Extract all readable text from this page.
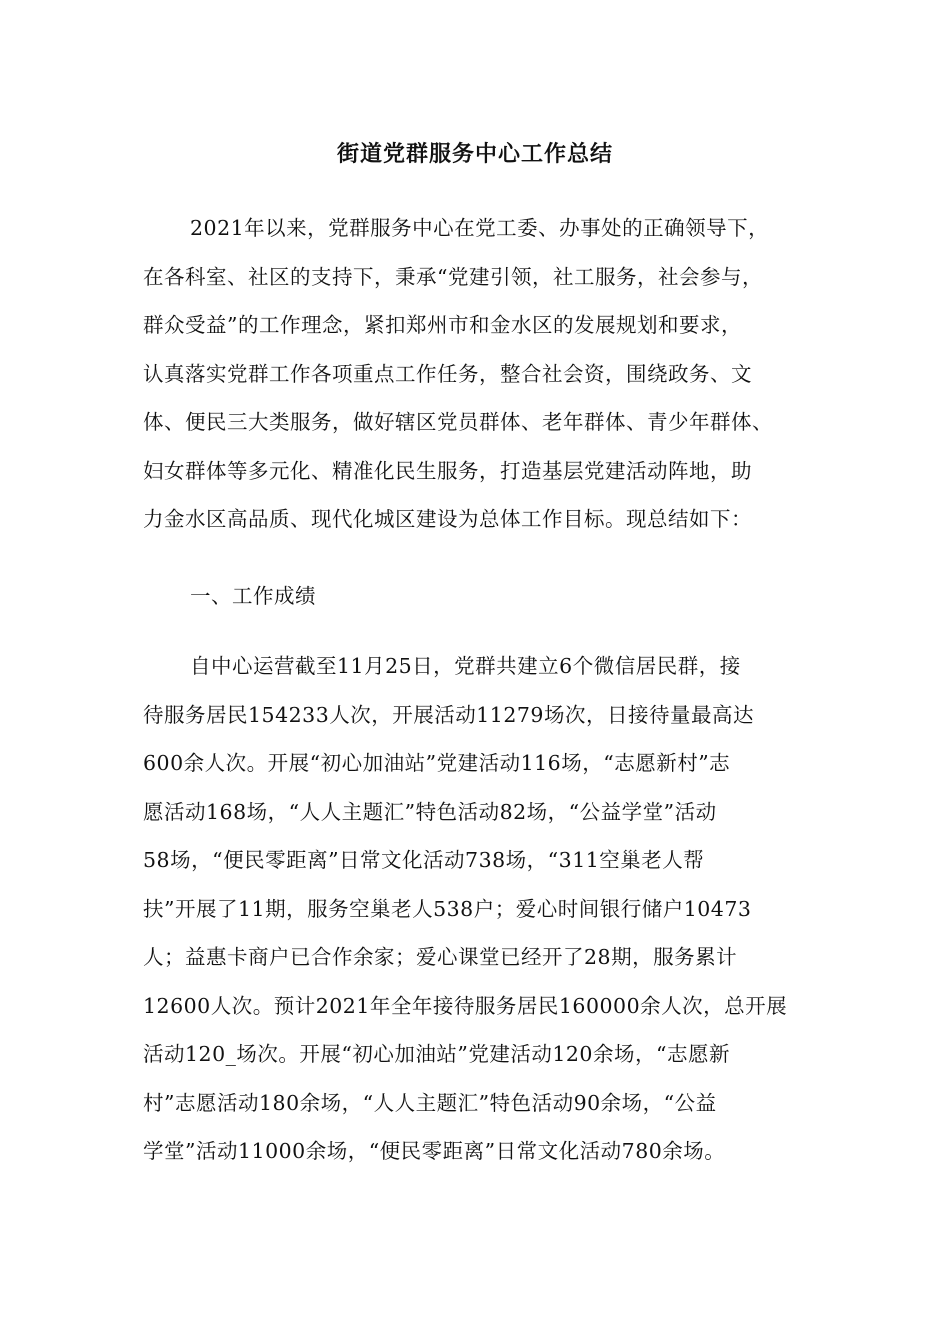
街道党群服务中心工作总结
2021年以来，党群服务中心在党工委、办事处的正确领导下，
在各科室、社区的支持下，秉承“党建引领，社工服务，社会参与，
群众受益”的工作理念，紧扣郑州市和金水区的发展规划和要求，
认真落实党群工作各项重点工作任务，整合社会资，围绕政务、文
体、便民三大类服务，做好辖区党员群体、老年群体、青少年群体、
妇女群体等多元化、精准化民生服务，打造基层党建活动阵地，助
力金水区高品质、现代化城区建设为总体工作目标。现总结如下：
一、工作成绩
自中心运营截至11月25日，党群共建立6个微信居民群，接
待服务居民154233人次，开展活动11279场次，日接待量最高达
600余人次。开展“初心加油站”党建活动116场，“志愿新村”志
愿活动168场，“人人主题汇”特色活动82场，“公益学堂”活动
58场，“便民零距离”日常文化活动738场，“311空巢老人帮
扶”开展了11期，服务空巢老人538户；爱心时间银行储户10473
人；益惠卡商户已合作余家；爱心课堂已经开了28期，服务累计
12600人次。预计2021年全年接待服务居民160000余人次，总开展
活动120_场次。开展“初心加油站”党建活动120余场，“志愿新
村”志愿活动180余场，“人人主题汇”特色活动90余场，“公益
学堂”活动11000余场，“便民零距离”日常文化活动780余场。
